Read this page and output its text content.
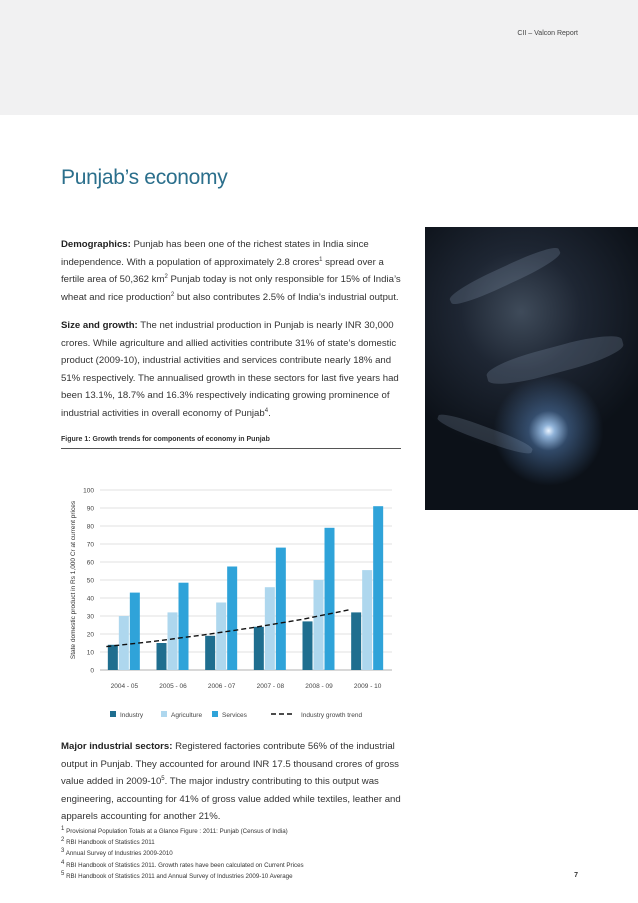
CII – Valcon Report
Punjab’s economy

Demographics: Punjab has been one of the richest states in India since independence. With a population of approximately 2.8 crores$^1$ spread over a fertile area of 50,362 $km^2$ Punjab today is not only responsible for 15% of India’s wheat and rice production$^2$ but also contributes 2.5% of India’s industrial output.

Size and growth: The net industrial production in Punjab is nearly INR 30,000 crores. While agriculture and allied activities contribute 31% of state’s domestic product (2009-10), industrial activities and services contribute nearly 18% and 51% respectively. The annualised growth in these sectors for last five years had been 13.1%, 18.7% and 16.3% respectively indicating growing prominence of industrial activities in overall economy of Punjab$^4$.

Figure 1: Growth trends for components of economy in Punjab
0
10
20
30
40
50
60
70
80
90
100
State domestic product in Rs 1,000 Cr at current prices
2004 - 05	2005 - 06	2006 - 07	2007 - 08	2008 - 09	2009 - 10
Industry	Agriculture	Services	Industry growth trend

Major industrial sectors: Registered factories contribute 56% of the industrial output in Punjab. They accounted for around INR 17.5 thousand crores of gross value added in $2009-10^5$. The major industry contributing to this output was engineering, accounting for 41% of gross value added while textiles, leather and apparels accounting for another 21%.

$^1$ Provisional Population Totals at a Glance Figure : 2011: Punjab (Census of India)
$^2$ RBI Handbook of Statistics 2011
$^3$ Annual Survey of Industries 2009-2010
$^4$ RBI Handbook of Statistics 2011. Growth rates have been calculated on Current Prices
$^5$ RBI Handbook of Statistics 2011 and Annual Survey of Industries 2009-10 Average	7
